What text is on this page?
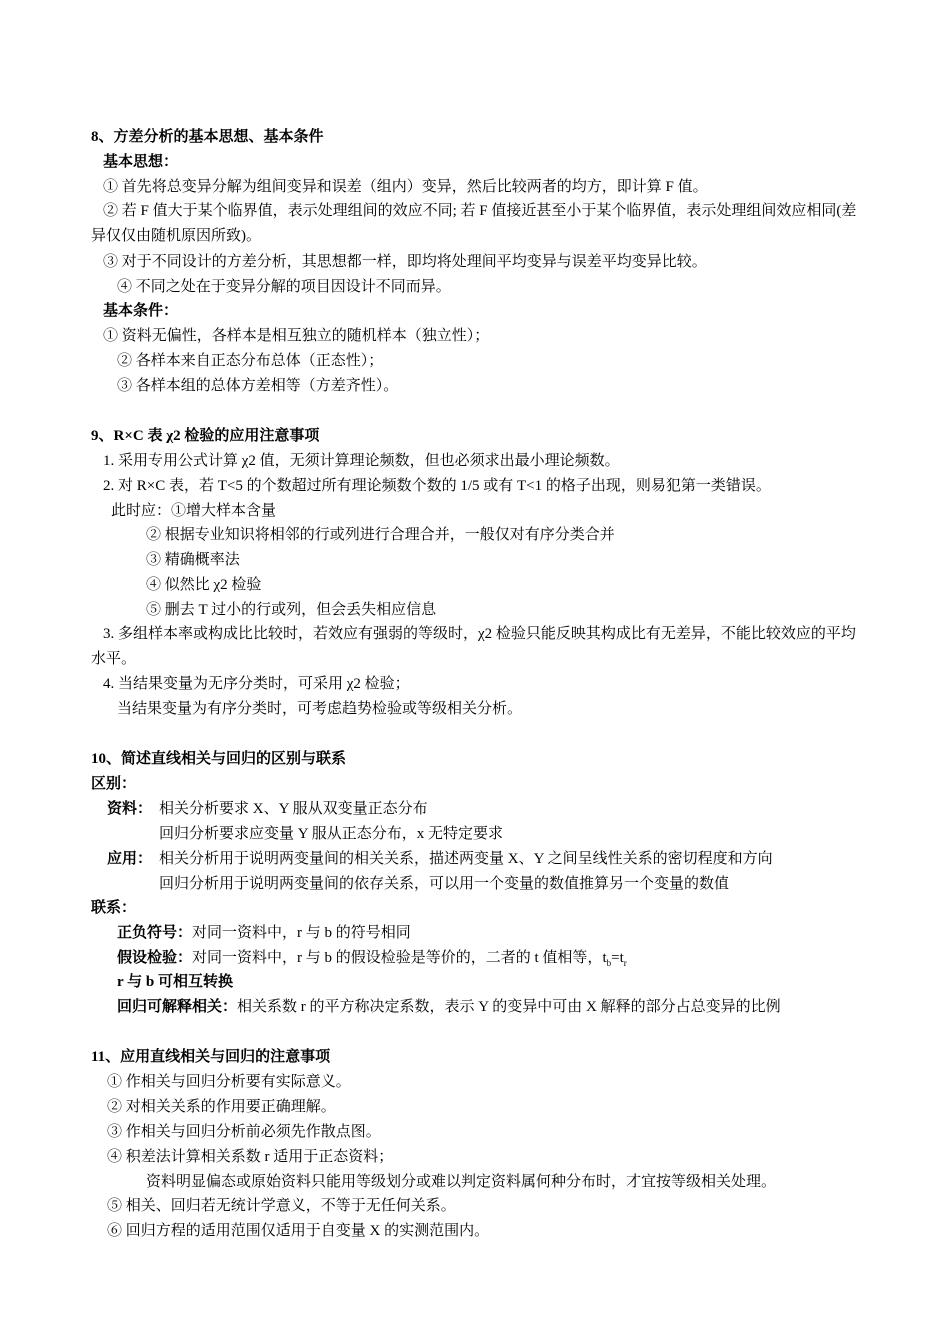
8、方差分析的基本思想、基本条件
基本思想：
① 首先将总变异分解为组间变异和误差（组内）变异，然后比较两者的均方，即计算 F 值。
② 若 F 值大于某个临界值，表示处理组间的效应不同; 若 F 值接近甚至小于某个临界值，表示处理组间效应相同(差异仅仅由随机原因所致)。
③ 对于不同设计的方差分析，其思想都一样，即均将处理间平均变异与误差平均变异比较。
④ 不同之处在于变异分解的项目因设计不同而异。
基本条件：
① 资料无偏性，各样本是相互独立的随机样本（独立性）；
② 各样本来自正态分布总体（正态性）；
③ 各样本组的总体方差相等（方差齐性）。
9、R×C 表 χ2 检验的应用注意事项
1. 采用专用公式计算 χ2 值，无须计算理论频数，但也必须求出最小理论频数。
2. 对 R×C 表，若 T<5 的个数超过所有理论频数个数的 1/5 或有 T<1 的格子出现，则易犯第一类错误。
此时应：①增大样本含量
② 根据专业知识将相邻的行或列进行合理合并，一般仅对有序分类合并
③ 精确概率法
④ 似然比 χ2 检验
⑤ 删去 T 过小的行或列，但会丢失相应信息
3. 多组样本率或构成比比较时，若效应有强弱的等级时，χ2 检验只能反映其构成比有无差异，不能比较效应的平均水平。
4. 当结果变量为无序分类时，可采用 χ2 检验；
当结果变量为有序分类时，可考虑趋势检验或等级相关分析。
10、简述直线相关与回归的区别与联系
区别：
资料： 相关分析要求 X、Y 服从双变量正态分布
回归分析要求应变量 Y 服从正态分布，x 无特定要求
应用： 相关分析用于说明两变量间的相关关系，描述两变量 X、Y 之间呈线性关系的密切程度和方向
回归分析用于说明两变量间的依存关系，可以用一个变量的数值推算另一个变量的数值
联系：
正负符号：对同一资料中，r 与 b 的符号相同
假设检验：对同一资料中，r 与 b 的假设检验是等价的，二者的 t 值相等，$t_b=t_r$
r 与 b 可相互转换
回归可解释相关：相关系数 r 的平方称决定系数，表示 Y 的变异中可由 X 解释的部分占总变异的比例
11、应用直线相关与回归的注意事项
① 作相关与回归分析要有实际意义。
② 对相关关系的作用要正确理解。
③ 作相关与回归分析前必须先作散点图。
④ 积差法计算相关系数 r 适用于正态资料；
资料明显偏态或原始资料只能用等级划分或难以判定资料属何种分布时，才宜按等级相关处理。
⑤ 相关、回归若无统计学意义，不等于无任何关系。
⑥ 回归方程的适用范围仅适用于自变量 X 的实测范围内。
